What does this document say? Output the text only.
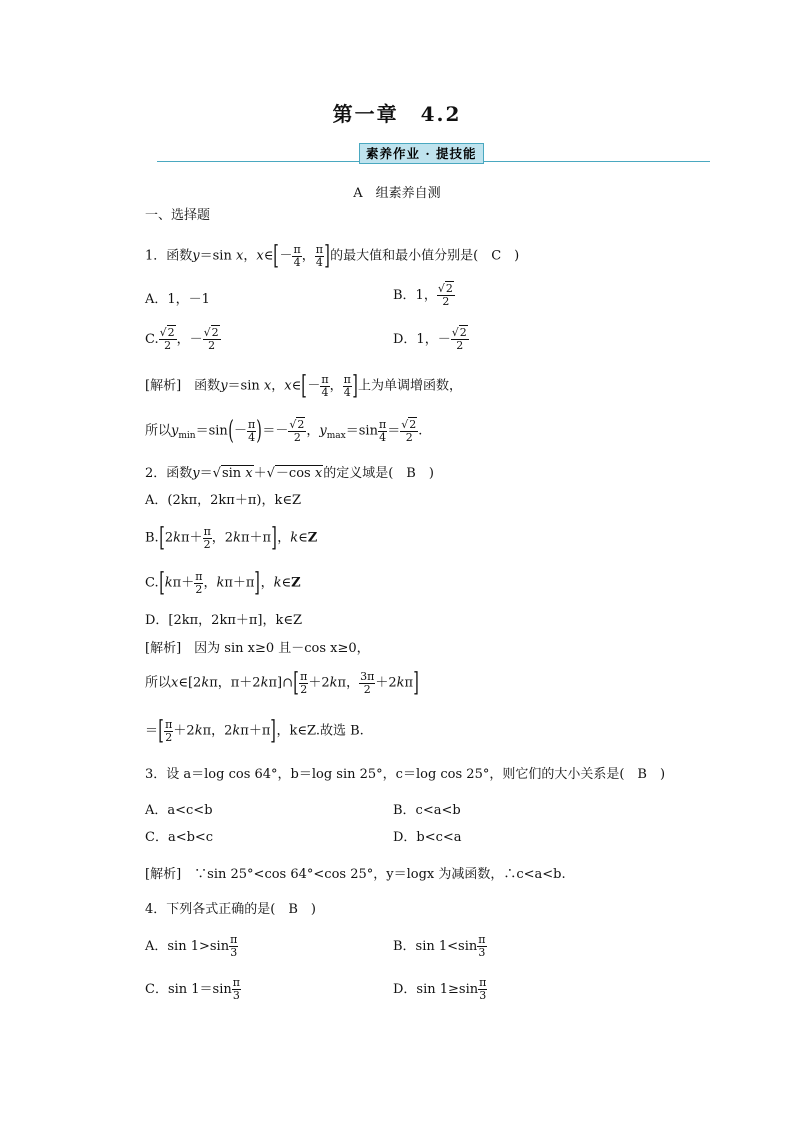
第一章　4.2
素养作业 · 提技能
A　组素养自测
一、选择题
1．函数y＝sin x，x∈[－ $\frac{\pi}{4}$ ， $\frac{\pi}{4}$ ]的最大值和最小值分别是(　C　)
A．1，－1	B．1， $\frac{√2}{2}$
C. $\frac{√2}{2}$ ，－ $\frac{√2}{2}$	D．1，－ $\frac{√2}{2}$
[解析]　 函数y＝sin x，x∈[－ $\frac{\pi}{4}$ ， $\frac{\pi}{4}$ ]上为单调增函数，
所以$y_{min}=\sin(- \frac{\pi}{4}$ )＝－ $\frac{√2}{2}$ ，$y_{max}=\sin \frac{\pi}{4} = \frac{√2}{2}$ .
2．函数y＝√sin x＋√－cos x的定义域是(　B　)
A．(2kπ，2kπ＋π)，k∈Z
$B.[2k\pi+ \frac{\pi}{2}$ ，2kπ＋π]，k∈Z
$C.[k\pi+ \frac{\pi}{2}$ ，kπ＋π]，k∈Z
D．[2kπ，2kπ＋π]，k∈Z
[解析]　 因为 sin x≥0 且－cos x≥0，
所以x∈[2kπ，π＋2kπ]∩[ $\frac{\pi}{2} +2k\pi$， $\frac{3\pi}{2} +2k\pi$]
＝[ $\frac{\pi}{2} +2k\pi$，2kπ＋π]，k∈Z.故选 B.
3．设 a＝log cos 64°，b＝log sin 25°，c＝log cos 25°，则它们的大小关系是(　B　)
A．a<c<b	B．c<a<b
C．a<b<c	D．b<c<a
[解析]　 ∵sin 25°<cos 64°<cos 25°，y＝logx 为减函数，∴c<a<b.
4．下列各式正确的是(　B　)
A．$\sin 1>\sin \frac{\pi}{3}$	B．$\sin 1<\sin \frac{\pi}{3}$
C．$\sin 1=\sin \frac{\pi}{3}$	D．$\sin 1\ge\sin \frac{\pi}{3}$
